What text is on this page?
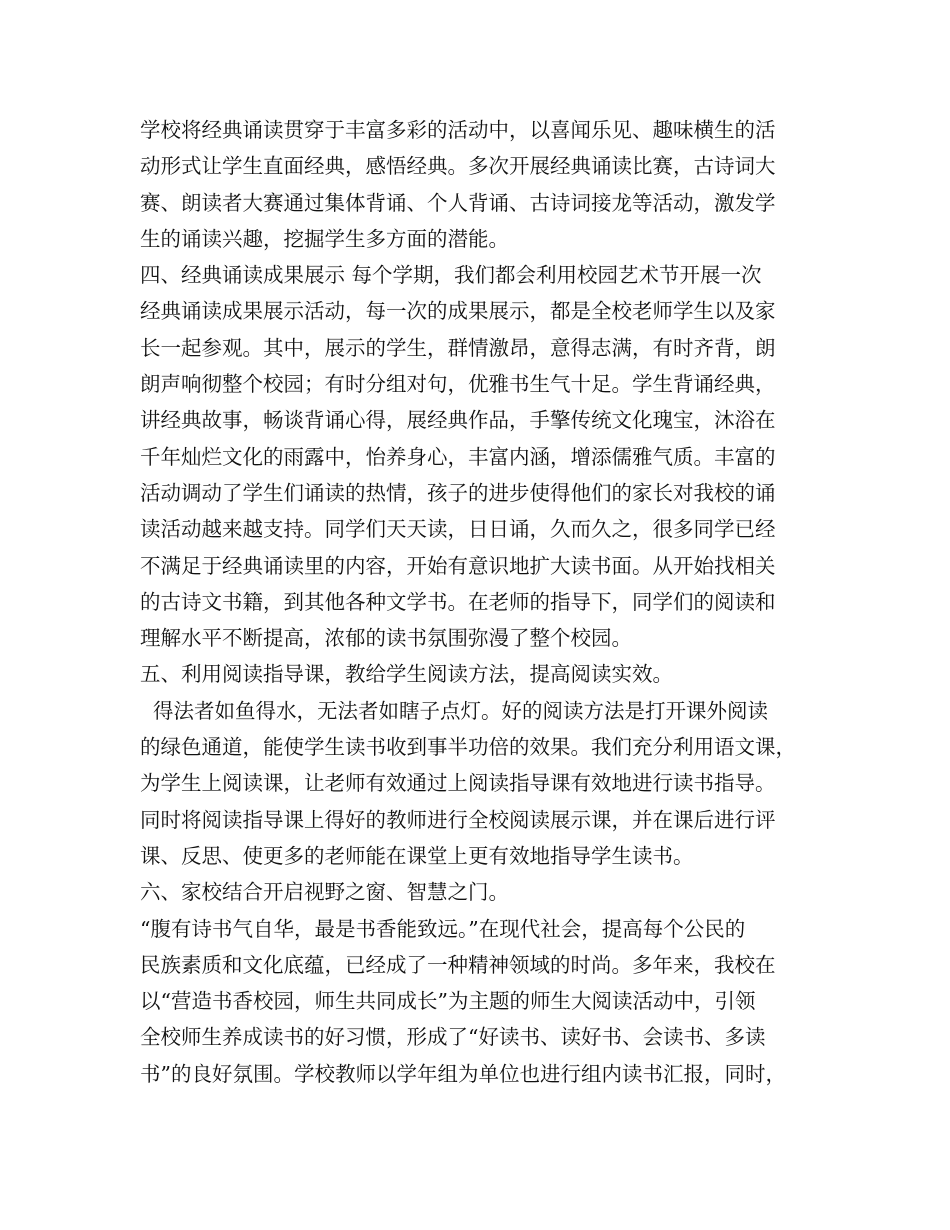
学校将经典诵读贯穿于丰富多彩的活动中，以喜闻乐见、趣味横生的活
动形式让学生直面经典，感悟经典。多次开展经典诵读比赛，古诗词大
赛、朗读者大赛通过集体背诵、个人背诵、古诗词接龙等活动，激发学
生的诵读兴趣，挖掘学生多方面的潜能。
四、经典诵读成果展示 每个学期，我们都会利用校园艺术节开展一次
经典诵读成果展示活动，每一次的成果展示，都是全校老师学生以及家
长一起参观。其中，展示的学生，群情激昂，意得志满，有时齐背，朗
朗声响彻整个校园；有时分组对句，优雅书生气十足。学生背诵经典，
讲经典故事，畅谈背诵心得，展经典作品，手擎传统文化瑰宝，沐浴在
千年灿烂文化的雨露中，怡养身心，丰富内涵，增添儒雅气质。丰富的
活动调动了学生们诵读的热情，孩子的进步使得他们的家长对我校的诵
读活动越来越支持。同学们天天读，日日诵，久而久之，很多同学已经
不满足于经典诵读里的内容，开始有意识地扩大读书面。从开始找相关
的古诗文书籍，到其他各种文学书。在老师的指导下，同学们的阅读和
理解水平不断提高，浓郁的读书氛围弥漫了整个校园。
五、利用阅读指导课，教给学生阅读方法，提高阅读实效。
得法者如鱼得水，无法者如瞎子点灯。好的阅读方法是打开课外阅读
的绿色通道，能使学生读书收到事半功倍的效果。我们充分利用语文课，
为学生上阅读课，让老师有效通过上阅读指导课有效地进行读书指导。
同时将阅读指导课上得好的教师进行全校阅读展示课，并在课后进行评
课、反思、使更多的老师能在课堂上更有效地指导学生读书。
六、家校结合开启视野之窗、智慧之门。
“腹有诗书气自华，最是书香能致远。”在现代社会，提高每个公民的
民族素质和文化底蕴，已经成了一种精神领域的时尚。多年来，我校在
以“营造书香校园，师生共同成长”为主题的师生大阅读活动中，引领
全校师生养成读书的好习惯，形成了“好读书、读好书、会读书、多读
书”的良好氛围。学校教师以学年组为单位也进行组内读书汇报，同时，
